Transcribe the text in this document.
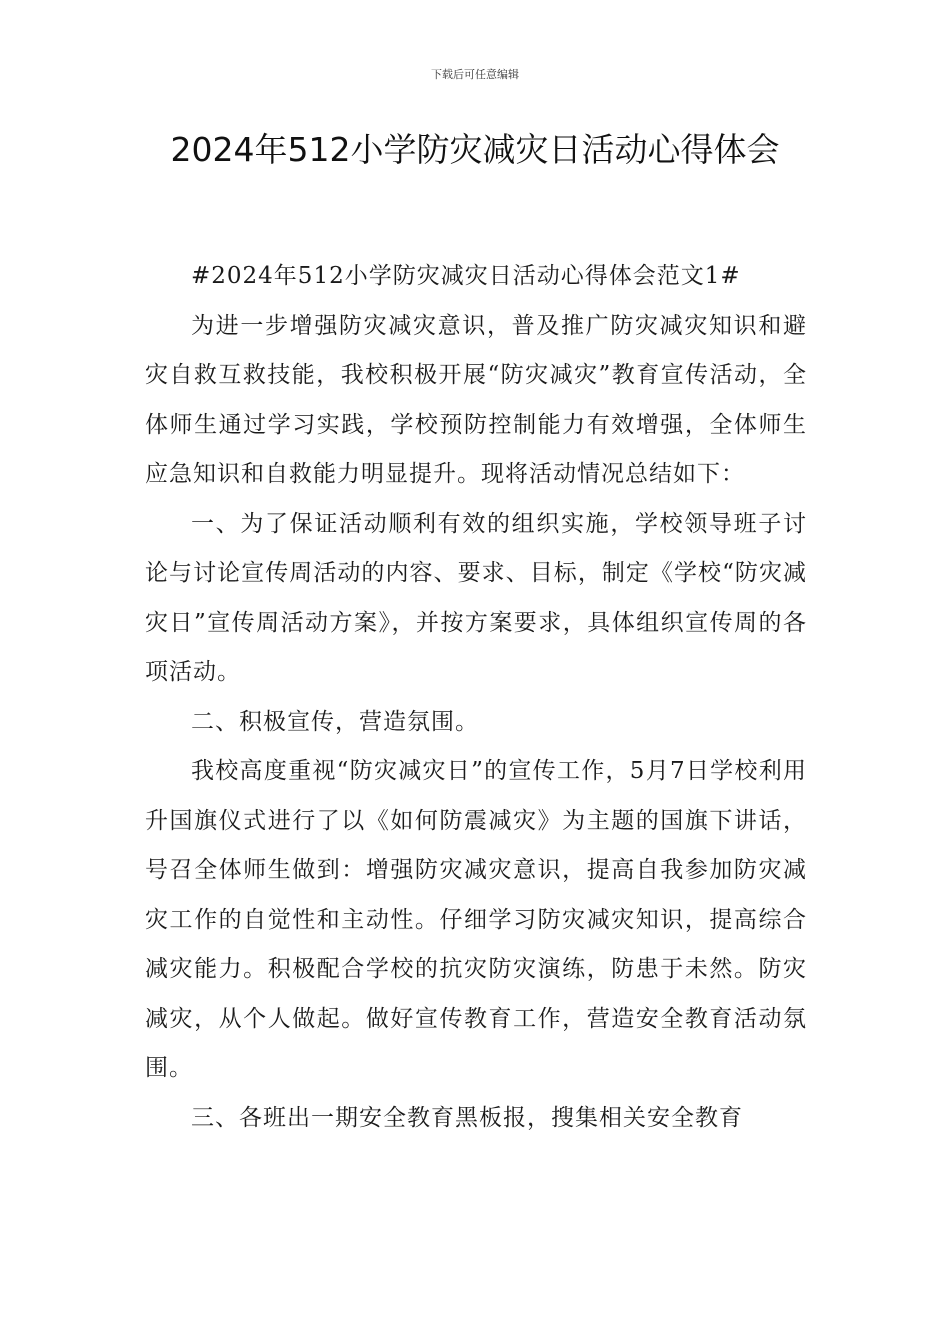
下载后可任意编辑
2024年512小学防灾减灾日活动心得体会

#2024年512小学防灾减灾日活动心得体会范文1#

为进一步增强防灾减灾意识，普及推广防灾减灾知识和避灾自救互救技能，我校积极开展“防灾减灾”教育宣传活动，全体师生通过学习实践，学校预防控制能力有效增强，全体师生应急知识和自救能力明显提升。现将活动情况总结如下：

一、为了保证活动顺利有效的组织实施，学校领导班子讨论与讨论宣传周活动的内容、要求、目标，制定《学校“防灾减灾日”宣传周活动方案》，并按方案要求，具体组织宣传周的各项活动。

二、积极宣传，营造氛围。

我校高度重视“防灾减灾日”的宣传工作，5月7日学校利用升国旗仪式进行了以《如何防震减灾》为主题的国旗下讲话，号召全体师生做到：增强防灾减灾意识，提高自我参加防灾减灾工作的自觉性和主动性。仔细学习防灾减灾知识，提高综合减灾能力。积极配合学校的抗灾防灾演练，防患于未然。防灾减灾，从个人做起。做好宣传教育工作，营造安全教育活动氛围。

三、各班出一期安全教育黑板报，搜集相关安全教育
